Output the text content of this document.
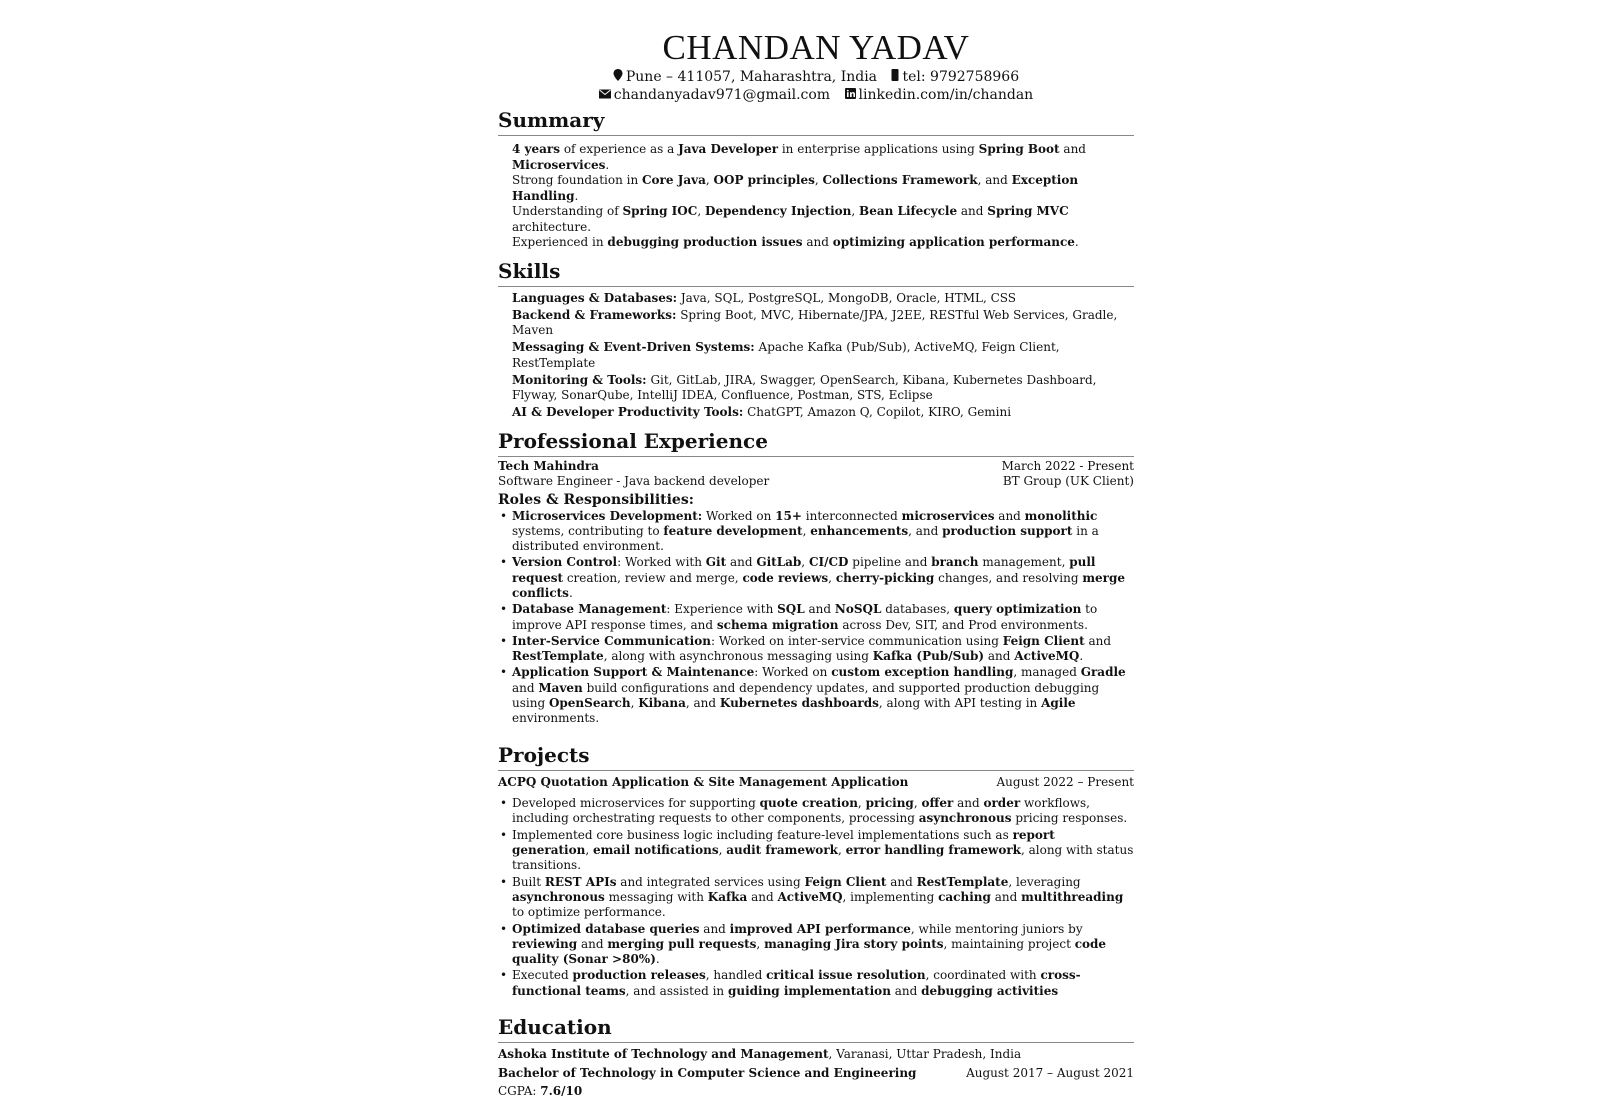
CHANDAN YADAV
Pune – 411057, Maharashtra, India tel: 9792758966
chandanyadav971@gmail.com linkedin.com/in/chandan
Summary
4 years of experience as a Java Developer in enterprise applications using Spring Boot and Microservices.
Strong foundation in Core Java, OOP principles, Collections Framework, and Exception Handling.
Understanding of Spring IOC, Dependency Injection, Bean Lifecycle and Spring MVC architecture.
Experienced in debugging production issues and optimizing application performance.
Skills
Languages & Databases: Java, SQL, PostgreSQL, MongoDB, Oracle, HTML, CSS
Backend & Frameworks: Spring Boot, MVC, Hibernate/JPA, J2EE, RESTful Web Services, Gradle, Maven
Messaging & Event-Driven Systems: Apache Kafka (Pub/Sub), ActiveMQ, Feign Client, RestTemplate
Monitoring & Tools: Git, GitLab, JIRA, Swagger, OpenSearch, Kibana, Kubernetes Dashboard, Flyway, SonarQube, IntelliJ IDEA, Confluence, Postman, STS, Eclipse
AI & Developer Productivity Tools: ChatGPT, Amazon Q, Copilot, KIRO, Gemini
Professional Experience
Tech Mahindra	March 2022 - Present
Software Engineer - Java backend developer	BT Group (UK Client)
Roles & Responsibilities:
• Microservices Development: Worked on 15+ interconnected microservices and monolithic systems, contributing to feature development, enhancements, and production support in a distributed environment.
• Version Control: Worked with Git and GitLab, CI/CD pipeline and branch management, pull request creation, review and merge, code reviews, cherry-picking changes, and resolving merge conflicts.
• Database Management: Experience with SQL and NoSQL databases, query optimization to improve API response times, and schema migration across Dev, SIT, and Prod environments.
• Inter-Service Communication: Worked on inter-service communication using Feign Client and RestTemplate, along with asynchronous messaging using Kafka (Pub/Sub) and ActiveMQ.
• Application Support & Maintenance: Worked on custom exception handling, managed Gradle and Maven build configurations and dependency updates, and supported production debugging using OpenSearch, Kibana, and Kubernetes dashboards, along with API testing in Agile environments.
Projects
ACPQ Quotation Application & Site Management Application	August 2022 – Present
• Developed microservices for supporting quote creation, pricing, offer and order workflows, including orchestrating requests to other components, processing asynchronous pricing responses.
• Implemented core business logic including feature-level implementations such as report generation, email notifications, audit framework, error handling framework, along with status transitions.
• Built REST APIs and integrated services using Feign Client and RestTemplate, leveraging asynchronous messaging with Kafka and ActiveMQ, implementing caching and multithreading to optimize performance.
• Optimized database queries and improved API performance, while mentoring juniors by reviewing and merging pull requests, managing Jira story points, maintaining project code quality (Sonar >80%).
• Executed production releases, handled critical issue resolution, coordinated with cross-functional teams, and assisted in guiding implementation and debugging activities
Education
Ashoka Institute of Technology and Management, Varanasi, Uttar Pradesh, India
Bachelor of Technology in Computer Science and Engineering	August 2017 – August 2021
CGPA: 7.6/10
